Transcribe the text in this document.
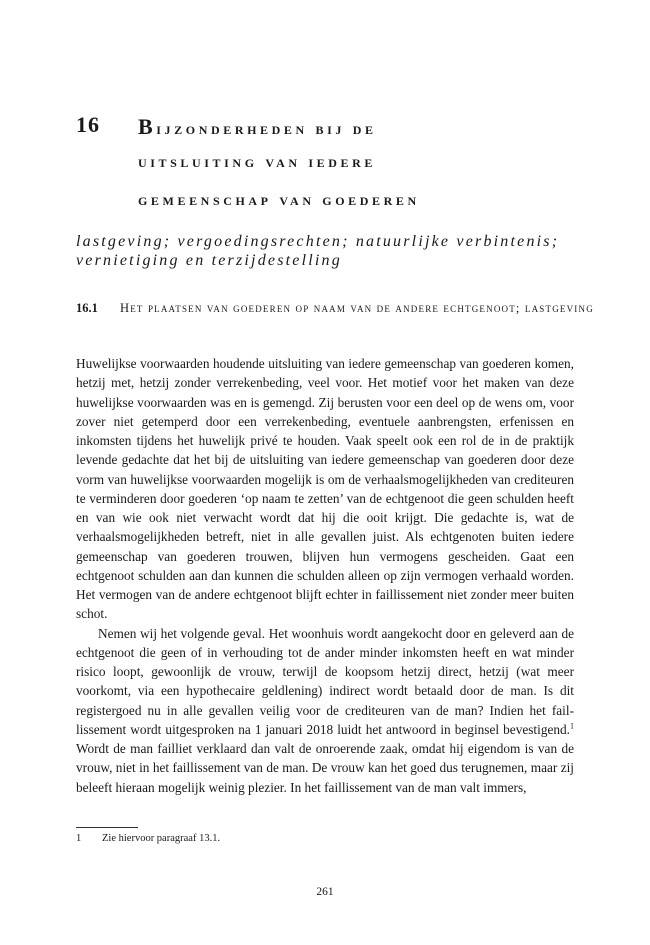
16 Bijzonderheden bij de
uitsluiting van iedere
gemeenschap van goederen
lastgeving; vergoedingsrechten; natuurlijke verbintenis; vernietiging en terzijdestelling
16.1 Het plaatsen van goederen op naam van de andere echtgenoot; lastgeving

Huwelijkse voorwaarden houdende uitsluiting van iedere gemeenschap van goederen komen, hetzij met, hetzij zonder verrekenbeding, veel voor. Het motief voor het maken van deze huwelijkse voorwaarden was en is gemengd. Zij berusten voor een deel op de wens om, voor zover niet getemperd door een verrekenbeding, eventuele aanbrengsten, erfenissen en inkomsten tijdens het huwelijk privé te houden. Vaak speelt ook een rol de in de praktijk levende gedachte dat het bij de uitsluiting van iedere gemeenschap van goederen door deze vorm van huwelijkse voorwaarden mogelijk is om de verhaalsmogelijkheden van crediteuren te verminderen door goederen ‘op naam te zetten’ van de echtgenoot die geen schulden heeft en van wie ook niet verwacht wordt dat hij die ooit krijgt. Die gedachte is, wat de verhaalsmogelijkheden betreft, niet in alle gevallen juist. Als echtgenoten buiten iedere gemeenschap van goederen trouwen, blijven hun vermogens gescheiden. Gaat een echtgenoot schulden aan dan kunnen die schulden alleen op zijn vermogen verhaald worden. Het vermogen van de andere echtgenoot blijft echter in faillissement niet zonder meer buiten schot.

Nemen wij het volgende geval. Het woonhuis wordt aangekocht door en geleverd aan de echtgenoot die geen of in verhouding tot de ander minder inkomsten heeft en wat minder risico loopt, gewoonlijk de vrouw, terwijl de koopsom hetzij direct, hetzij (wat meer voorkomt, via een hypothecaire geldlening) indirect wordt betaald door de man. Is dit registergoed nu in alle gevallen veilig voor de crediteuren van de man? Indien het faillissement wordt uitgesproken na 1 januari 2018 luidt het antwoord in beginsel bevestigend.$^1$ Wordt de man failliet verklaard dan valt de onroerende zaak, omdat hij eigendom is van de vrouw, niet in het faillissement van de man. De vrouw kan het goed dus terugnemen, maar zij beleeft hieraan mogelijk weinig plezier. In het faillissement van de man valt immers,

1 Zie hiervoor paragraaf 13.1.
261
